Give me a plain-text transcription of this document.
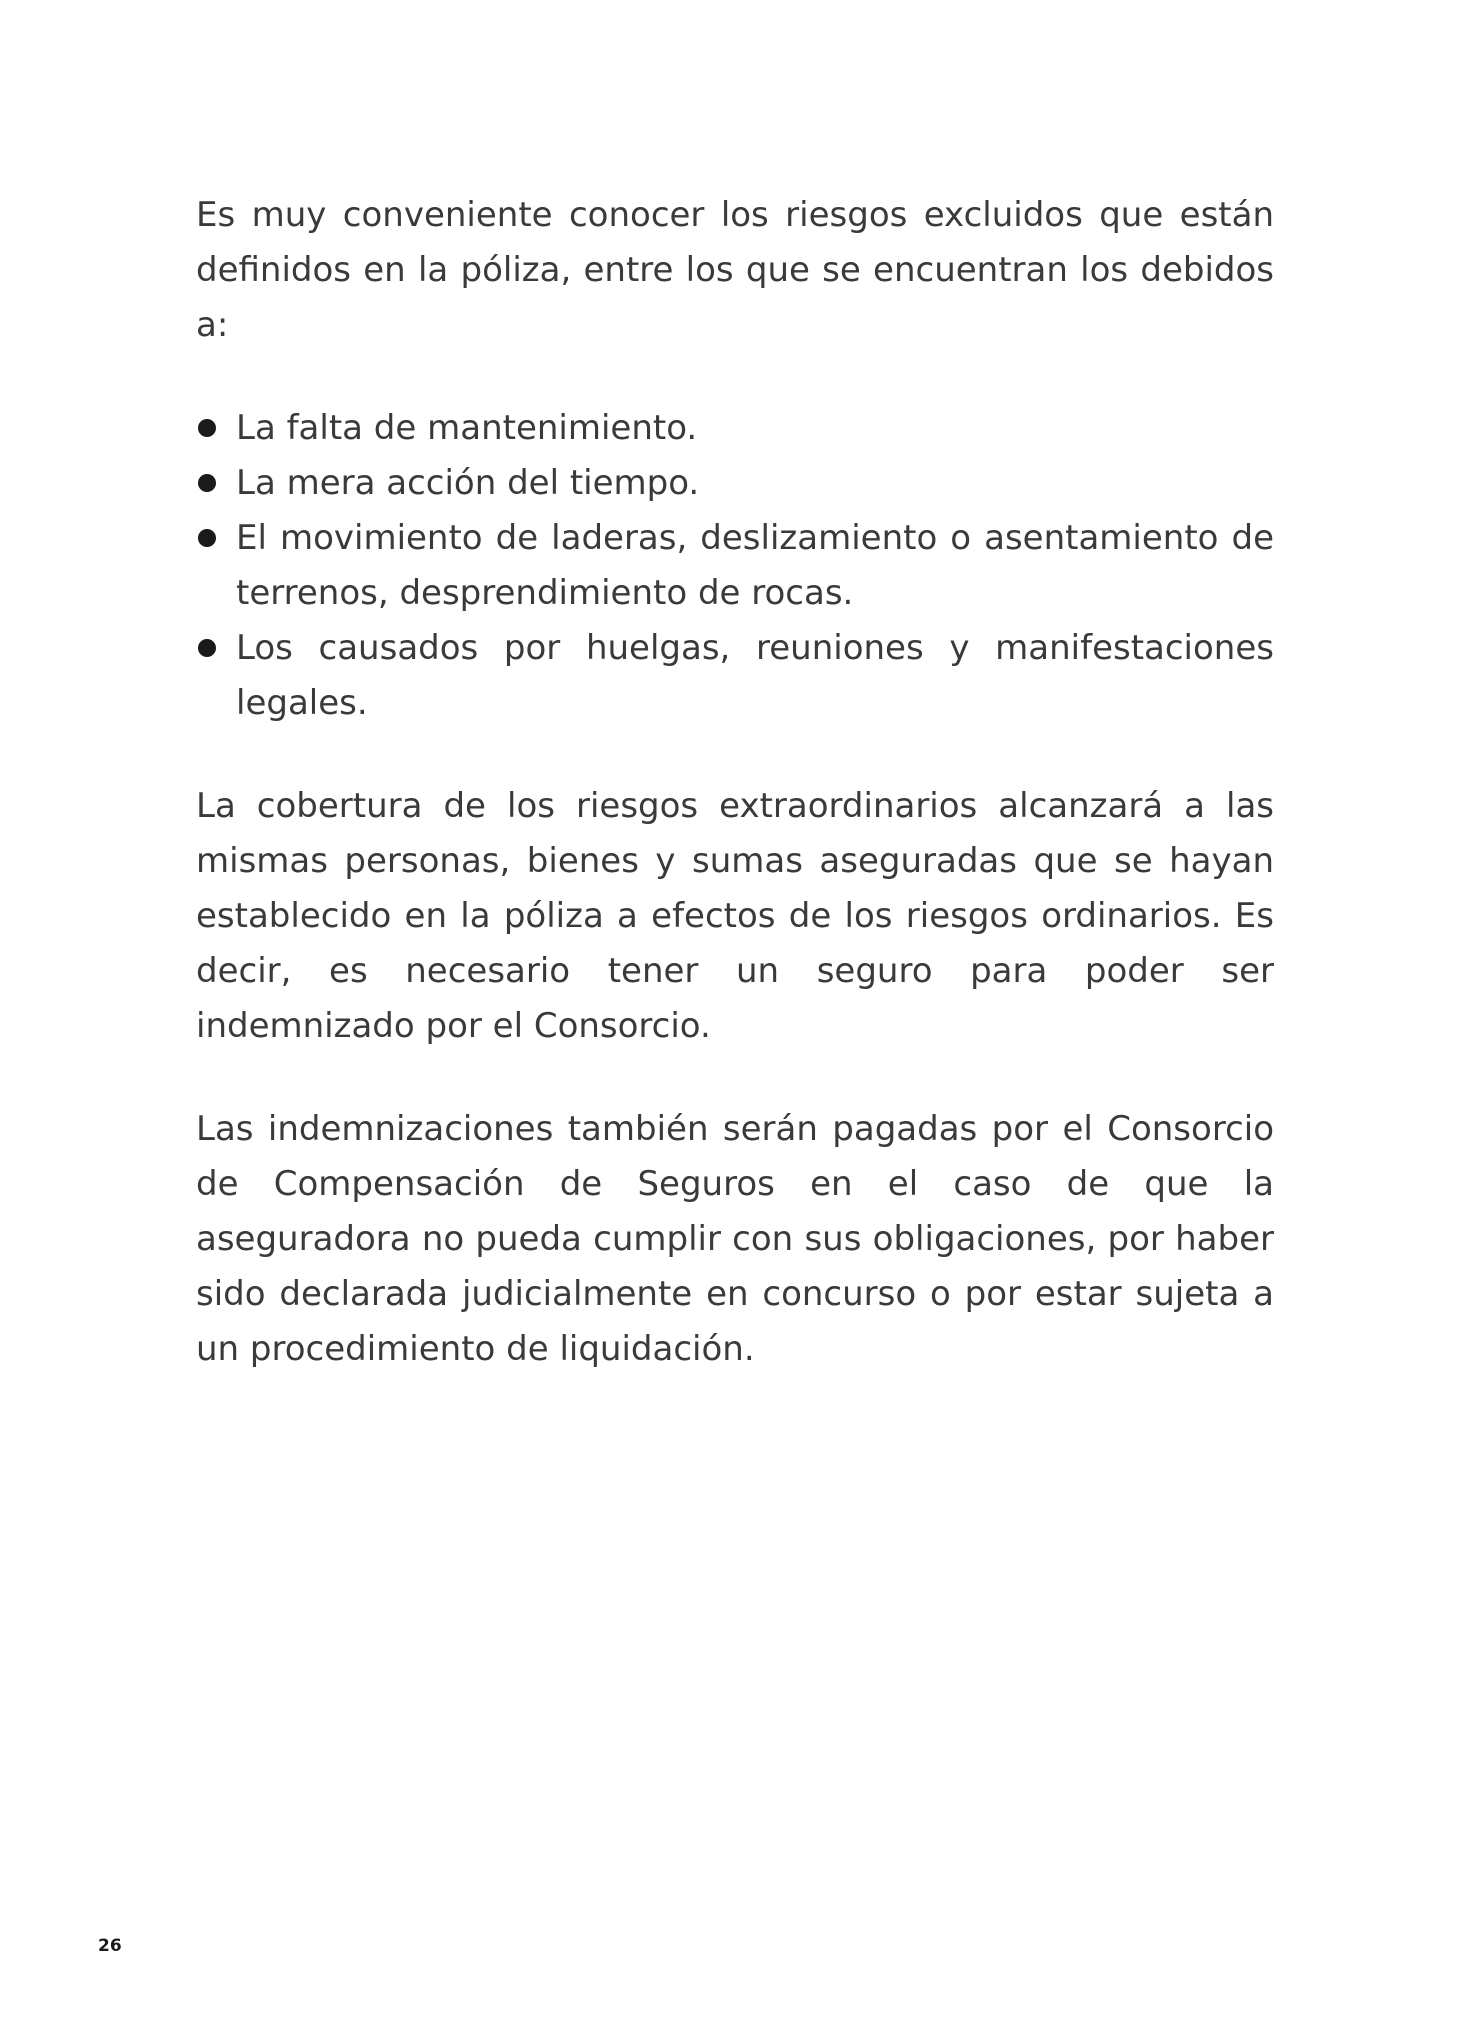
Es muy conveniente conocer los riesgos excluidos que están definidos en la póliza, entre los que se encuentran los debidos a:

La falta de mantenimiento.
La mera acción del tiempo.
El movimiento de laderas, deslizamiento o asentamiento de terrenos, desprendimiento de rocas.
Los causados por huelgas, reuniones y manifestaciones legales.

La cobertura de los riesgos extraordinarios alcanzará a las mismas personas, bienes y sumas aseguradas que se hayan establecido en la póliza a efectos de los riesgos ordinarios. Es decir, es necesario tener un seguro para poder ser indemnizado por el Consorcio.

Las indemnizaciones también serán pagadas por el Consorcio de Compensación de Seguros en el caso de que la aseguradora no pueda cumplir con sus obligaciones, por haber sido declarada judicialmente en concurso o por estar sujeta a un procedimiento de liquidación.

26
